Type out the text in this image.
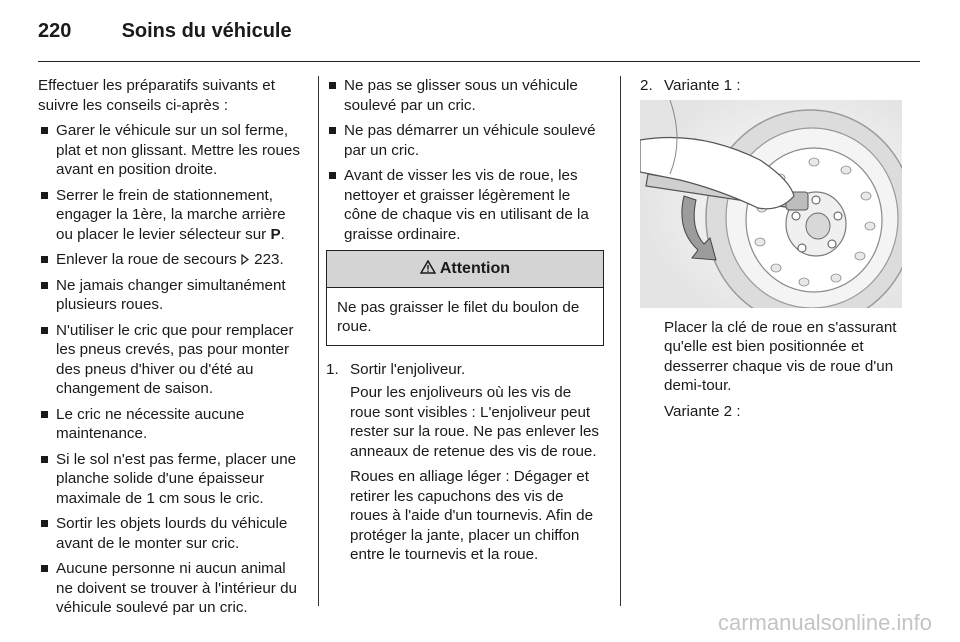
220	Soins du véhicule

Effectuer les préparatifs suivants et suivre les conseils ci-après :

Garer le véhicule sur un sol ferme, plat et non glissant. Mettre les roues avant en position droite.
Serrer le frein de stationnement, engager la 1ère, la marche arrière ou placer le levier sélecteur sur P.
Enlever la roue de secours 223.
Ne jamais changer simultanément plusieurs roues.
N'utiliser le cric que pour remplacer les pneus crevés, pas pour monter des pneus d'hiver ou d'été au changement de saison.
Le cric ne nécessite aucune maintenance.
Si le sol n'est pas ferme, placer une planche solide d'une épaisseur maximale de 1 cm sous le cric.
Sortir les objets lourds du véhicule avant de le monter sur cric.
Aucune personne ni aucun animal ne doivent se trouver à l'intérieur du véhicule soulevé par un cric.
Ne pas se glisser sous un véhicule soulevé par un cric.
Ne pas démarrer un véhicule soulevé par un cric.
Avant de visser les vis de roue, les nettoyer et graisser légèrement le cône de chaque vis en utilisant de la graisse ordinaire.
Attention
Ne pas graisser le filet du boulon de roue.
1. Sortir l'enjoliveur.

Pour les enjoliveurs où les vis de roue sont visibles : L'enjoliveur peut rester sur la roue. Ne pas enlever les anneaux de retenue des vis de roue.

Roues en alliage léger : Dégager et retirer les capuchons des vis de roues à l'aide d'un tournevis. Afin de protéger la jante, placer un chiffon entre le tournevis et la roue.

2. Variante 1 :

Placer la clé de roue en s'assurant qu'elle est bien positionnée et desserrer chaque vis de roue d'un demi-tour.

Variante 2 :

carmanualsonline.info
